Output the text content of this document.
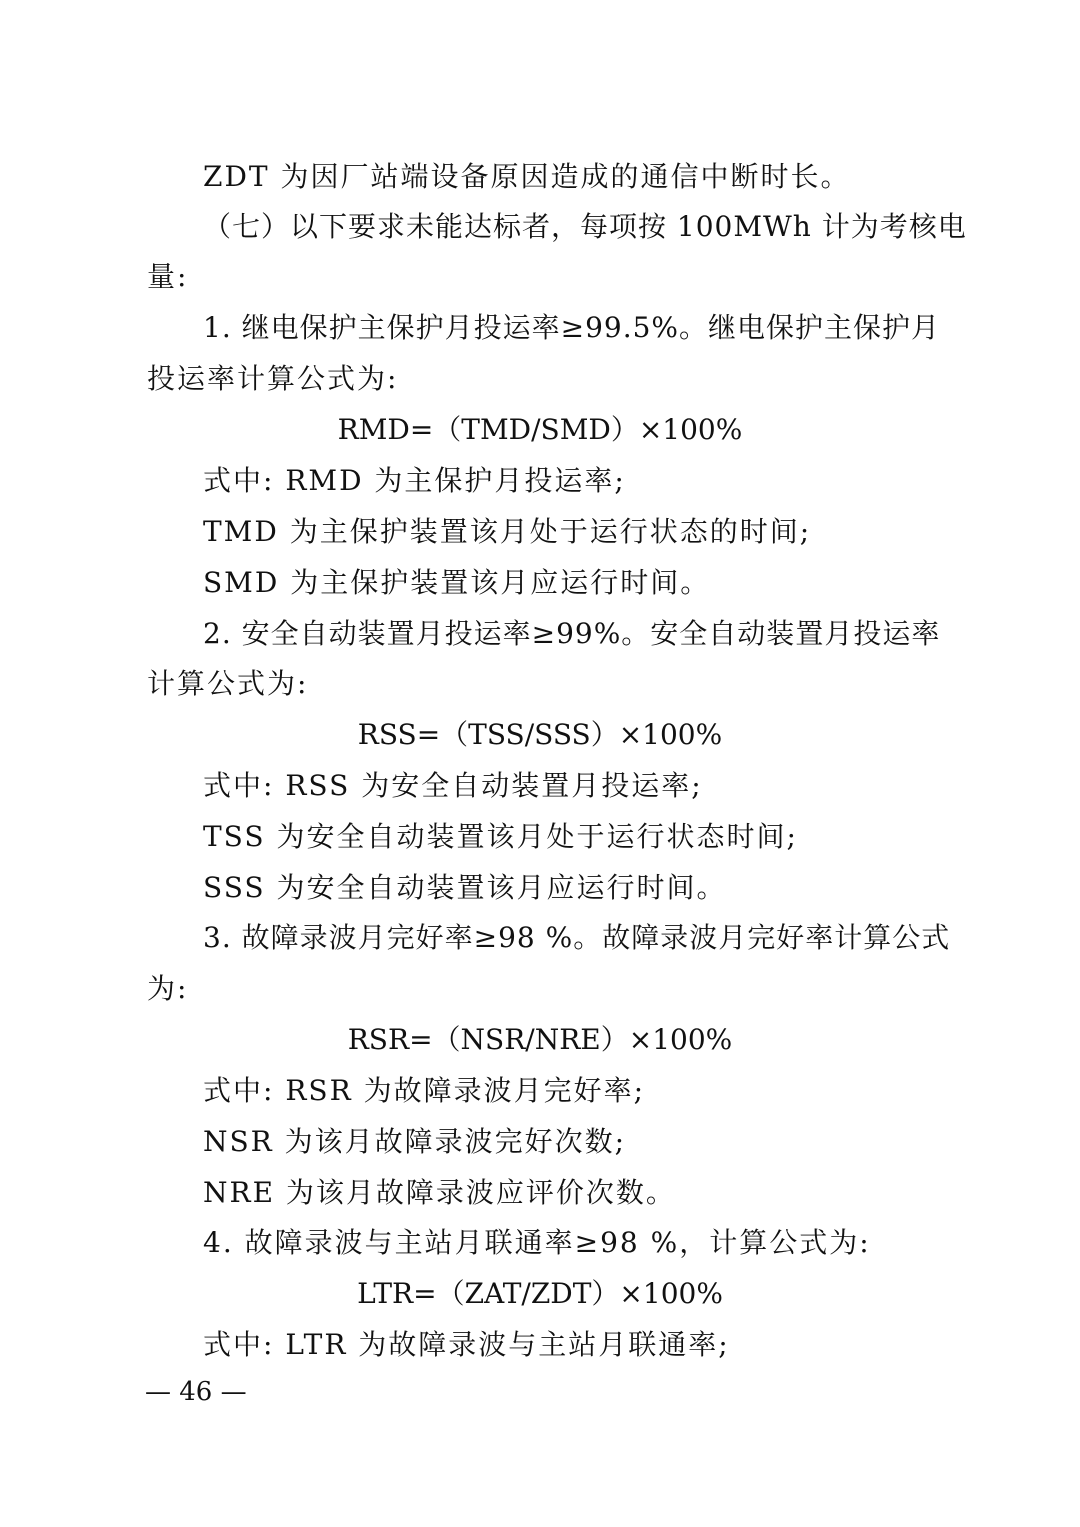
ZDT 为因厂站端设备原因造成的通信中断时长。
（七）以下要求未能达标者，每项按 100MWh 计为考核电
量:
1. 继电保护主保护月投运率≥99.5%。继电保护主保护月
投运率计算公式为:
RMD=（TMD/SMD）×100%
式中: RMD 为主保护月投运率;
TMD 为主保护装置该月处于运行状态的时间;
SMD 为主保护装置该月应运行时间。
2. 安全自动装置月投运率≥99%。安全自动装置月投运率
计算公式为:
RSS=（TSS/SSS）×100%
式中: RSS 为安全自动装置月投运率;
TSS 为安全自动装置该月处于运行状态时间;
SSS 为安全自动装置该月应运行时间。
3. 故障录波月完好率≥98 %。故障录波月完好率计算公式
为:
RSR=（NSR/NRE）×100%
式中: RSR 为故障录波月完好率;
NSR 为该月故障录波完好次数;
NRE 为该月故障录波应评价次数。
4. 故障录波与主站月联通率≥98 %，计算公式为:
LTR=（ZAT/ZDT）×100%
式中: LTR 为故障录波与主站月联通率;
— 46 —
